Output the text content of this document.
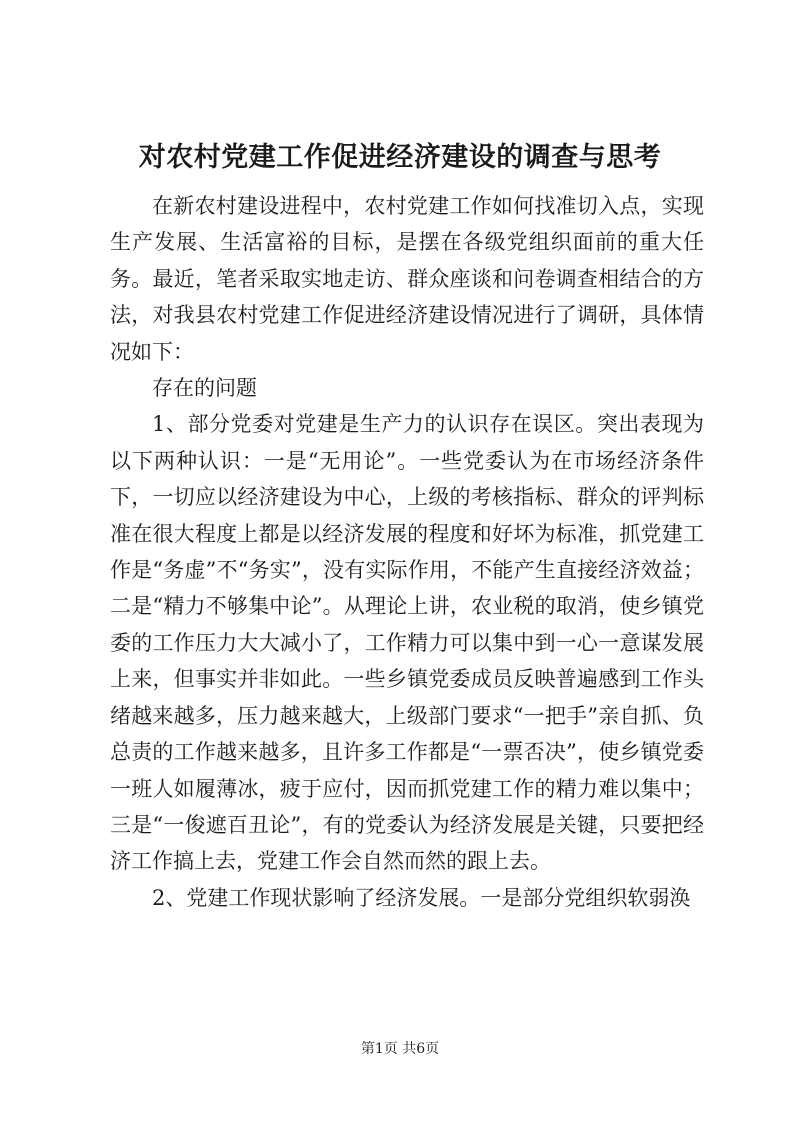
对农村党建工作促进经济建设的调查与思考

在新农村建设进程中，农村党建工作如何找准切入点，实现生产发展、生活富裕的目标，是摆在各级党组织面前的重大任务。最近，笔者采取实地走访、群众座谈和问卷调查相结合的方法，对我县农村党建工作促进经济建设情况进行了调研，具体情况如下：

存在的问题

1、部分党委对党建是生产力的认识存在误区。突出表现为以下两种认识：一是“无用论”。一些党委认为在市场经济条件下，一切应以经济建设为中心，上级的考核指标、群众的评判标准在很大程度上都是以经济发展的程度和好坏为标准，抓党建工作是“务虚”不“务实”，没有实际作用，不能产生直接经济效益；二是“精力不够集中论”。从理论上讲，农业税的取消，使乡镇党委的工作压力大大减小了，工作精力可以集中到一心一意谋发展上来，但事实并非如此。一些乡镇党委成员反映普遍感到工作头绪越来越多，压力越来越大，上级部门要求“一把手”亲自抓、负总责的工作越来越多，且许多工作都是“一票否决”，使乡镇党委一班人如履薄冰，疲于应付，因而抓党建工作的精力难以集中；三是“一俊遮百丑论”，有的党委认为经济发展是关键，只要把经济工作搞上去，党建工作会自然而然的跟上去。

2、党建工作现状影响了经济发展。一是部分党组织软弱涣

第1页 共6页
